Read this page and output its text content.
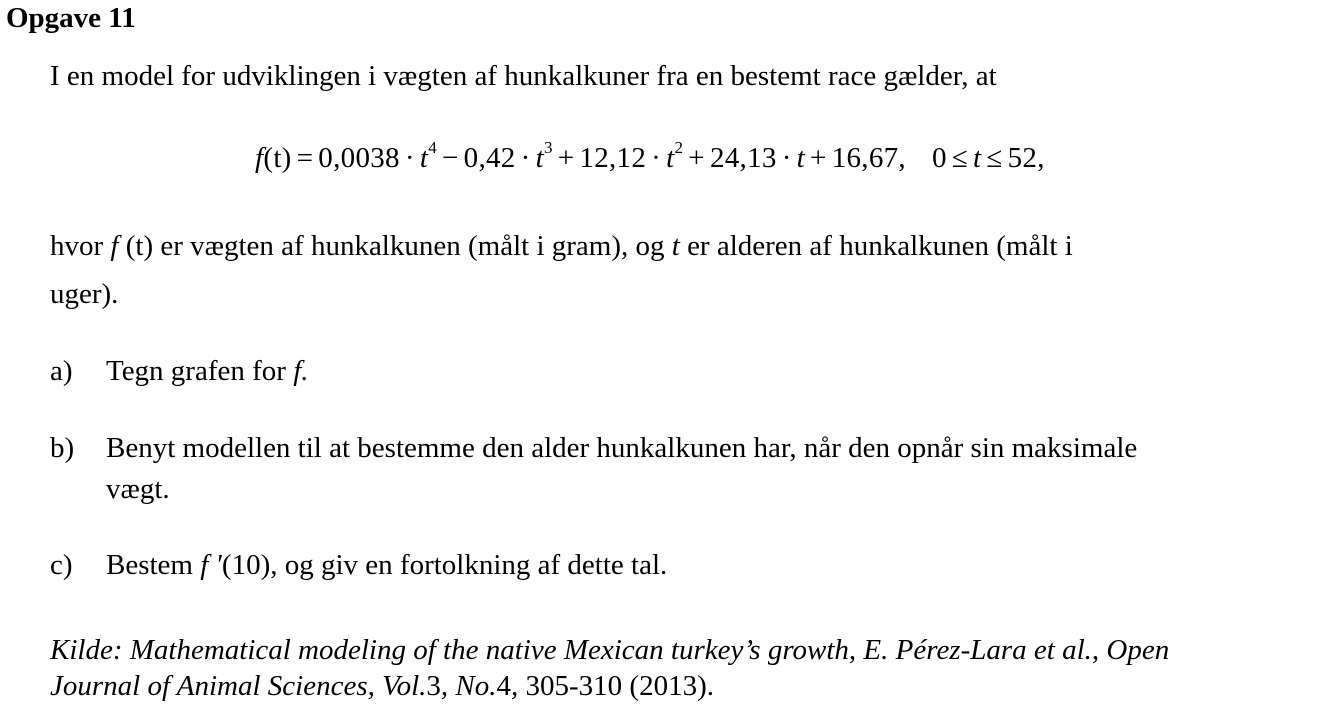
Opgave 11
I en model for udviklingen i vægten af hunkalkuner fra en bestemt race gælder, at
$f(t) = 0,0038 \cdot t^4 - 0,42 \cdot t^3 + 12,12 \cdot t^2 + 24,13 \cdot t + 16,67$, 0 ≤ t ≤ 52,
hvor f (t) er vægten af hunkalkunen (målt i gram), og t er alderen af hunkalkunen (målt i
uger).
a) Tegn grafen for f.
b) Benyt modellen til at bestemme den alder hunkalkunen har, når den opnår sin maksimale
vægt.
c) Bestem f ′(10), og giv en fortolkning af dette tal.
Kilde: Mathematical modeling of the native Mexican turkey’s growth, E. Pérez-Lara et al., Open
Journal of Animal Sciences, Vol.3, No.4, 305-310 (2013).
